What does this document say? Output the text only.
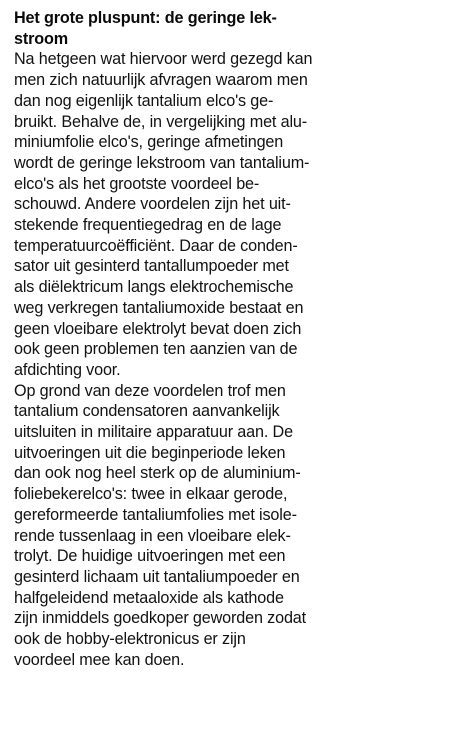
Het grote pluspunt: de geringe lek-
stroom
Na hetgeen wat hiervoor werd gezegd kan
men zich natuurlijk afvragen waarom men
dan nog eigenlijk tantalium elco's ge-
bruikt. Behalve de, in vergelijking met alu-
miniumfolie elco's, geringe afmetingen
wordt de geringe lekstroom van tantalium-
elco's als het grootste voordeel be-
schouwd. Andere voordelen zijn het uit-
stekende frequentiegedrag en de lage
temperatuurcoëfficiënt. Daar de conden-
sator uit gesinterd tantallumpoeder met
als diëlektricum langs elektrochemische
weg verkregen tantaliumoxide bestaat en
geen vloeibare elektrolyt bevat doen zich
ook geen problemen ten aanzien van de
afdichting voor.
Op grond van deze voordelen trof men
tantalium condensatoren aanvankelijk
uitsluiten in militaire apparatuur aan. De
uitvoeringen uit die beginperiode leken
dan ook nog heel sterk op de aluminium-
foliebekerelco's: twee in elkaar gerode,
gereformeerde tantaliumfolies met isole-
rende tussenlaag in een vloeibare elek-
trolyt. De huidige uitvoeringen met een
gesinterd lichaam uit tantaliumpoeder en
halfgeleidend metaaloxide als kathode
zijn inmiddels goedkoper geworden zodat
ook de hobby-elektronicus er zijn
voordeel mee kan doen.
